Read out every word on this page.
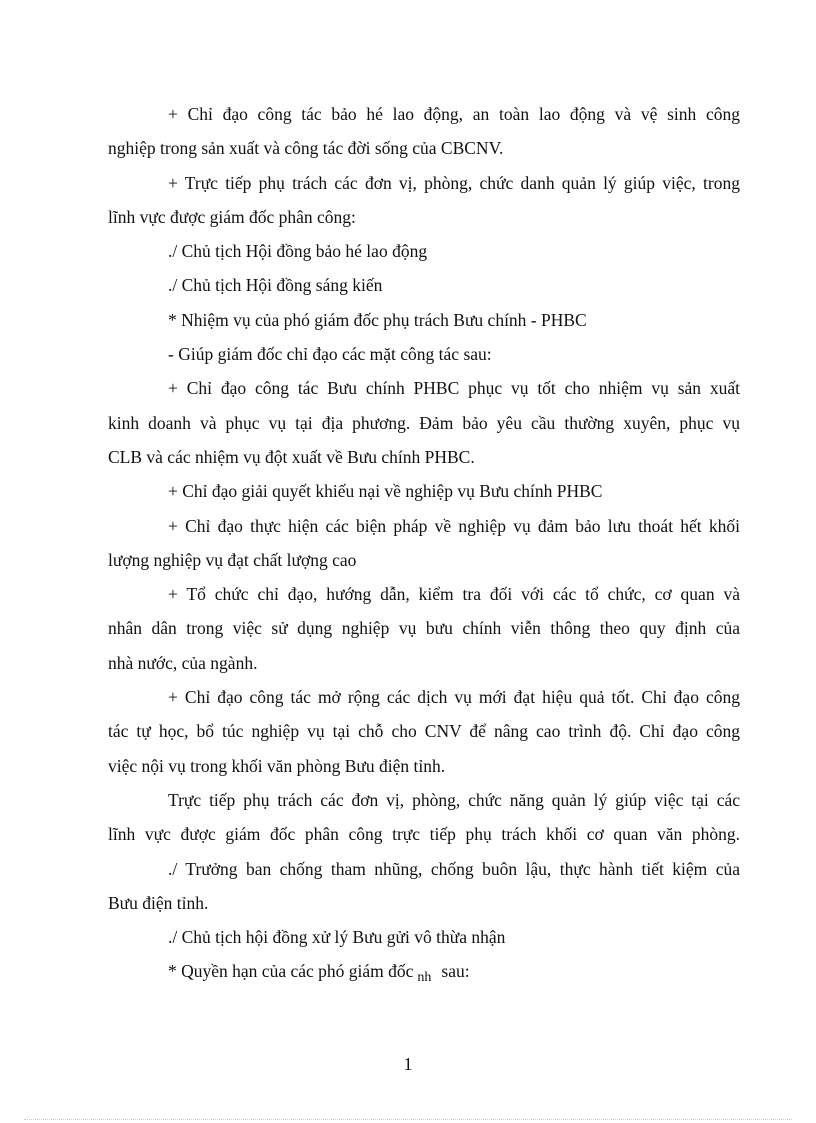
+ Chỉ đạo công tác bảo hé lao động, an toàn lao động và vệ sinh công
nghiệp trong sản xuất và công tác đời sống của CBCNV.
+ Trực tiếp phụ trách các đơn vị, phòng, chức danh quản lý giúp việc, trong
lĩnh vực được giám đốc phân công:
./ Chủ tịch Hội đồng bảo hé lao động
./ Chủ tịch Hội đồng sáng kiến
* Nhiệm vụ của phó giám đốc phụ trách Bưu chính - PHBC
- Giúp giám đốc chỉ đạo các mặt công tác sau:
+ Chỉ đạo công tác Bưu chính PHBC phục vụ tốt cho nhiệm vụ sản xuất
kinh doanh và phục vụ tại địa phương. Đảm bảo yêu cầu thường xuyên, phục vụ
CLB và các nhiệm vụ đột xuất về Bưu chính PHBC.
+ Chỉ đạo giải quyết khiếu nại về nghiệp vụ Bưu chính PHBC
+ Chỉ đạo thực hiện các biện pháp về nghiệp vụ đảm bảo lưu thoát hết khối
lượng nghiệp vụ đạt chất lượng cao
+ Tổ chức chỉ đạo, hướng dẫn, kiểm tra đối với các tổ chức, cơ quan và
nhân dân trong việc sử dụng nghiệp vụ bưu chính viễn thông theo quy định của
nhà nước, của ngành.
+ Chỉ đạo công tác mở rộng các dịch vụ mới đạt hiệu quả tốt. Chỉ đạo công
tác tự học, bổ túc nghiệp vụ tại chỗ cho CNV để nâng cao trình độ. Chỉ đạo công
việc nội vụ trong khối văn phòng Bưu điện tỉnh.
Trực tiếp phụ trách các đơn vị, phòng, chức năng quản lý giúp việc tại các
lĩnh vực được giám đốc phân công trực tiếp phụ trách khối cơ quan văn phòng.
./ Trưởng ban chống tham nhũng, chống buôn lậu, thực hành tiết kiệm của
Bưu điện tỉnh.
./ Chủ tịch hội đồng xử lý Bưu gửi vô thừa nhận
* Quyền hạn của các phó giám đốc $_{nh}$ sau:
1
